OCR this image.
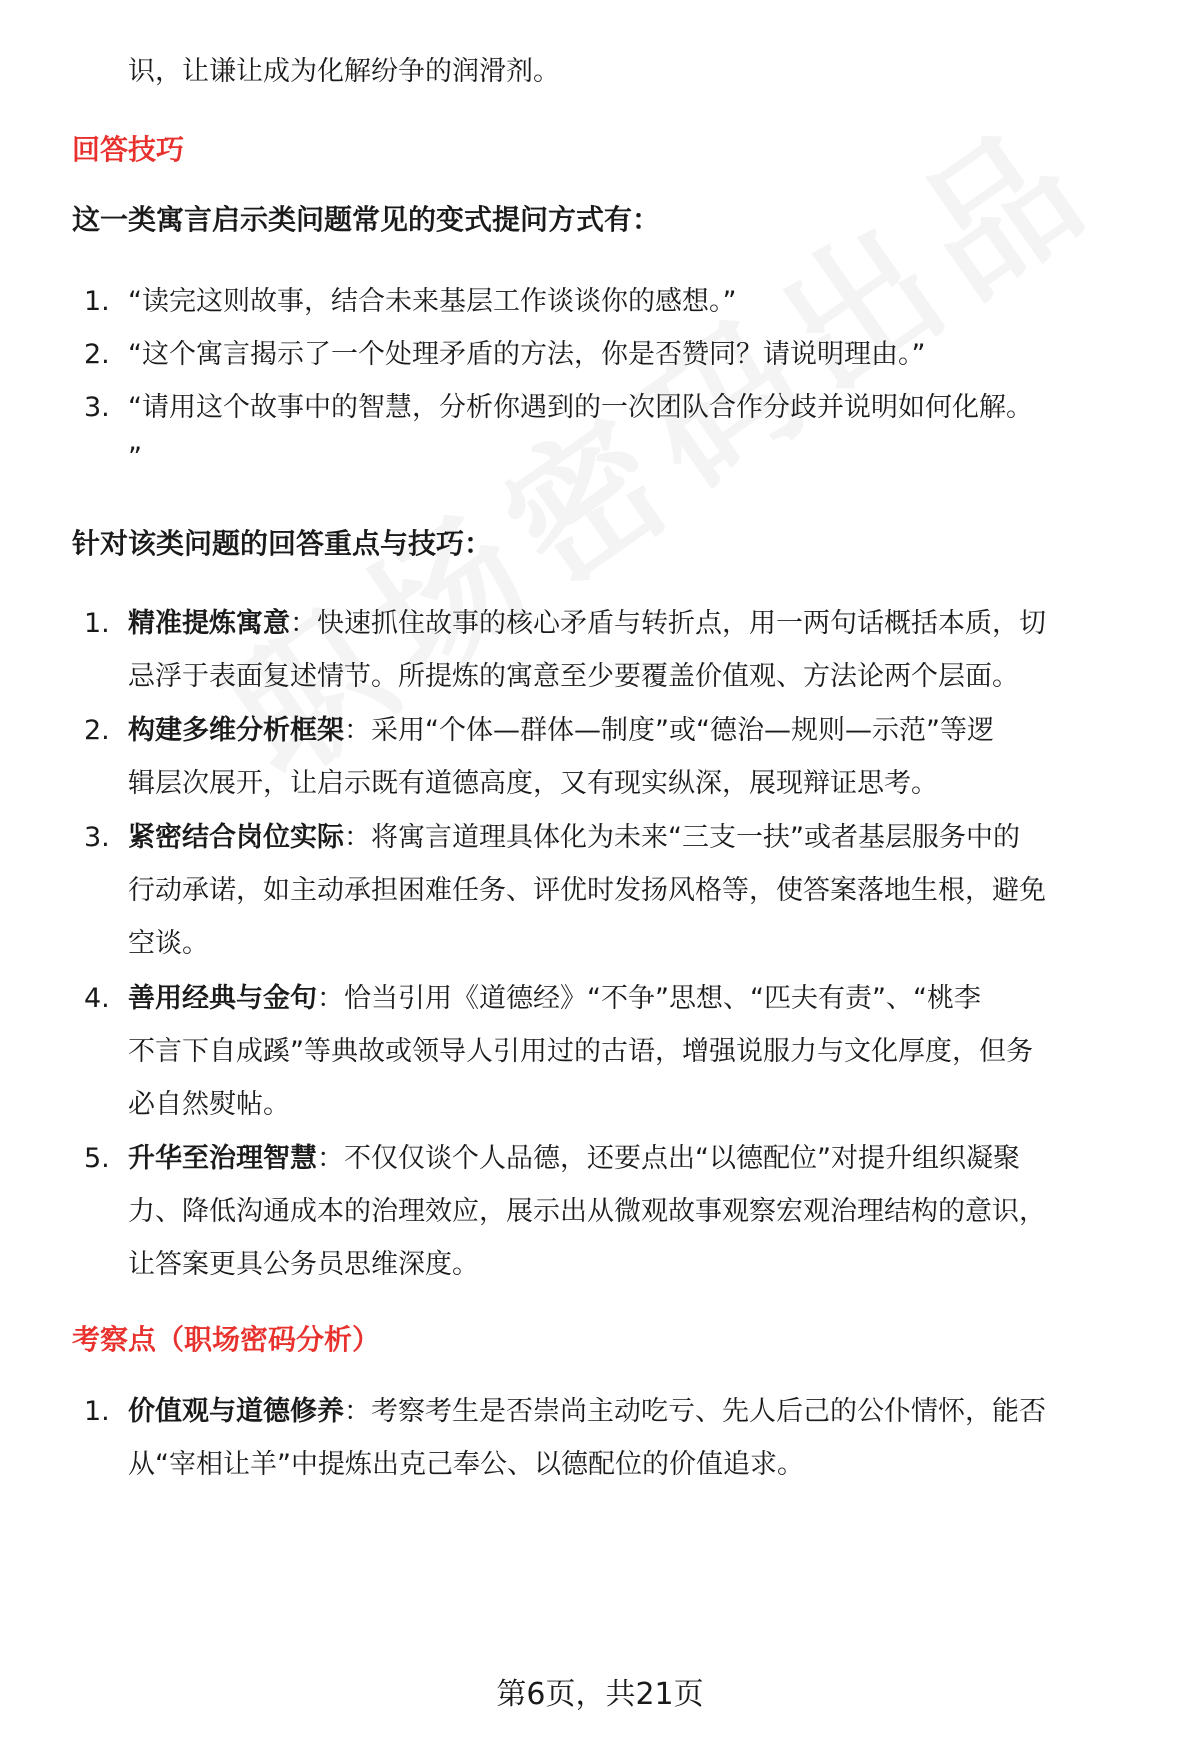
识，让谦让成为化解纷争的润滑剂。
回答技巧
这一类寓言启示类问题常见的变式提问方式有：
1. “读完这则故事，结合未来基层工作谈谈你的感想。”
2. “这个寓言揭示了一个处理矛盾的方法，你是否赞同？请说明理由。”
3. “请用这个故事中的智慧，分析你遇到的一次团队合作分歧并说明如何化解。
”
针对该类问题的回答重点与技巧：
1. 精准提炼寓意：快速抓住故事的核心矛盾与转折点，用一两句话概括本质，切
忌浮于表面复述情节。所提炼的寓意至少要覆盖价值观、方法论两个层面。
2. 构建多维分析框架：采用“个体—群体—制度”或“德治—规则—示范”等逻
辑层次展开，让启示既有道德高度，又有现实纵深，展现辩证思考。
3. 紧密结合岗位实际：将寓言道理具体化为未来“三支一扶”或者基层服务中的
行动承诺，如主动承担困难任务、评优时发扬风格等，使答案落地生根，避免
空谈。
4. 善用经典与金句：恰当引用《道德经》“不争”思想、“匹夫有责”、“桃李
不言下自成蹊”等典故或领导人引用过的古语，增强说服力与文化厚度，但务
必自然熨帖。
5. 升华至治理智慧：不仅仅谈个人品德，还要点出“以德配位”对提升组织凝聚
力、降低沟通成本的治理效应，展示出从微观故事观察宏观治理结构的意识，
让答案更具公务员思维深度。
考察点（职场密码分析）
1. 价值观与道德修养：考察考生是否崇尚主动吃亏、先人后己的公仆情怀，能否
从“宰相让羊”中提炼出克己奉公、以德配位的价值追求。
第6页，共21页
